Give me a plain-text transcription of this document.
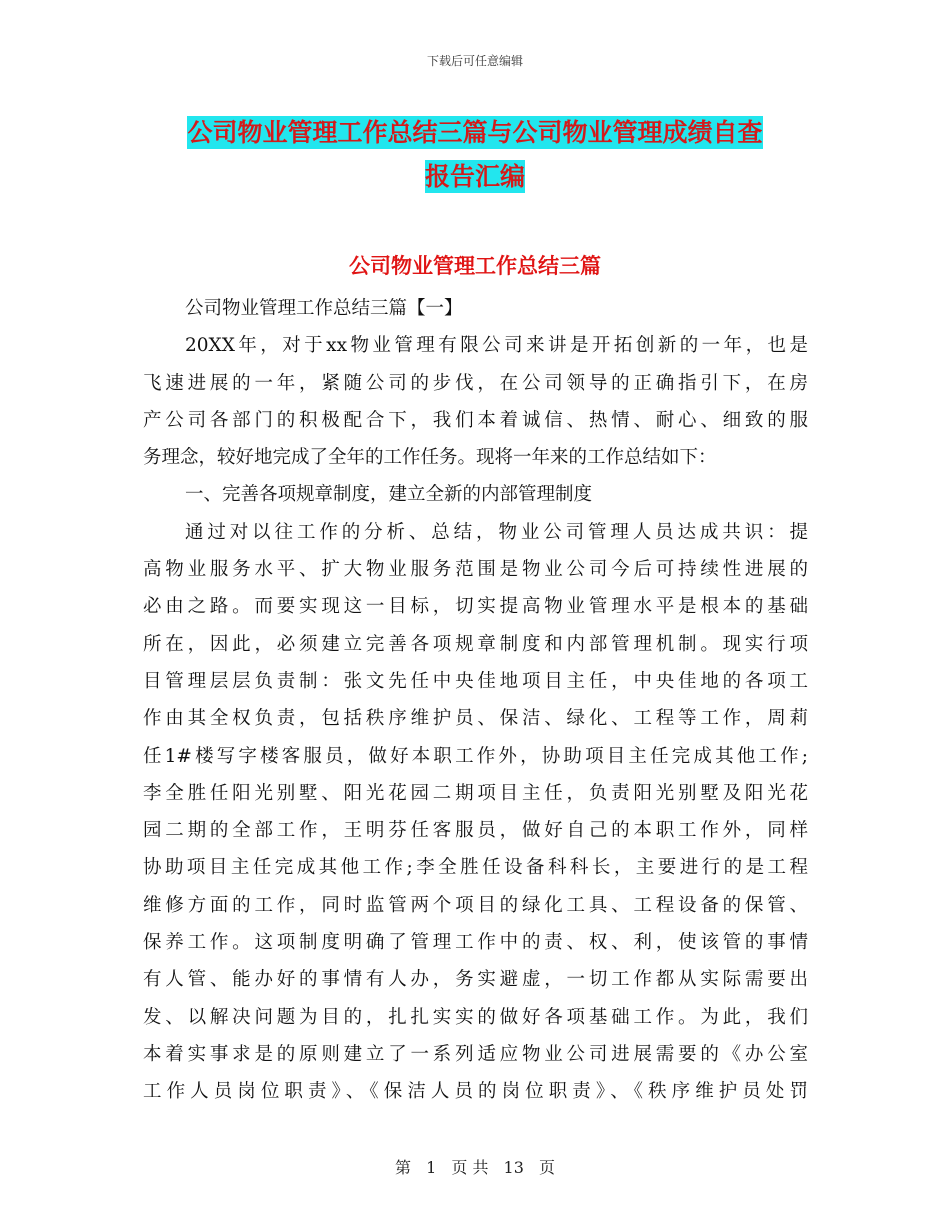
下载后可任意编辑
公司物业管理工作总结三篇与公司物业管理成绩自查
报告汇编
公司物业管理工作总结三篇
公司物业管理工作总结三篇【一】
20XX年，对于xx物业管理有限公司来讲是开拓创新的一年，也是
飞速进展的一年，紧随公司的步伐，在公司领导的正确指引下，在房
产公司各部门的积极配合下，我们本着诚信、热情、耐心、细致的服
务理念，较好地完成了全年的工作任务。现将一年来的工作总结如下：
一、完善各项规章制度，建立全新的内部管理制度
通过对以往工作的分析、总结，物业公司管理人员达成共识：提
高物业服务水平、扩大物业服务范围是物业公司今后可持续性进展的
必由之路。而要实现这一目标，切实提高物业管理水平是根本的基础
所在，因此，必须建立完善各项规章制度和内部管理机制。现实行项
目管理层层负责制：张文先任中央佳地项目主任，中央佳地的各项工
作由其全权负责，包括秩序维护员、保洁、绿化、工程等工作，周莉
任1#楼写字楼客服员，做好本职工作外，协助项目主任完成其他工作;
李全胜任阳光别墅、阳光花园二期项目主任，负责阳光别墅及阳光花
园二期的全部工作，王明芬任客服员，做好自己的本职工作外，同样
协助项目主任完成其他工作;李全胜任设备科科长，主要进行的是工程
维修方面的工作，同时监管两个项目的绿化工具、工程设备的保管、
保养工作。这项制度明确了管理工作中的责、权、利，使该管的事情
有人管、能办好的事情有人办，务实避虚，一切工作都从实际需要出
发、以解决问题为目的，扎扎实实的做好各项基础工作。为此，我们
本着实事求是的原则建立了一系列适应物业公司进展需要的《办公室
工作人员岗位职责》、《保洁人员的岗位职责》、《秩序维护员处罚
第 1 页 共 13 页
